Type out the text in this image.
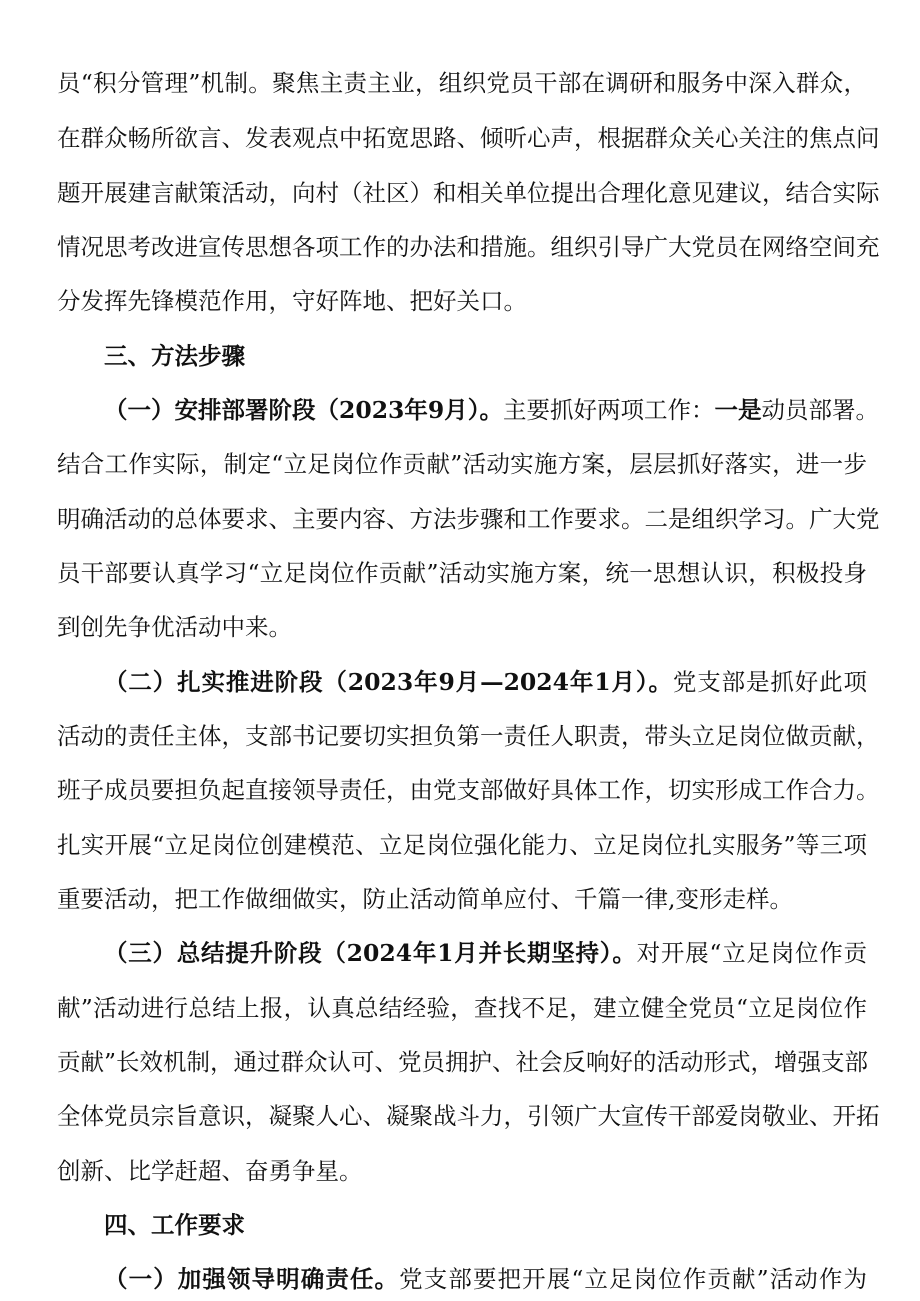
员“积分管理”机制。聚焦主责主业，组织党员干部在调研和服务中深入群众，
在群众畅所欲言、发表观点中拓宽思路、倾听心声，根据群众关心关注的焦点问
题开展建言献策活动，向村（社区）和相关单位提出合理化意见建议，结合实际
情况思考改进宣传思想各项工作的办法和措施。组织引导广大党员在网络空间充
分发挥先锋模范作用，守好阵地、把好关口。
三、方法步骤
（一）安排部署阶段（2023年9月）。主要抓好两项工作：一是动员部署。
结合工作实际，制定“立足岗位作贡献”活动实施方案，层层抓好落实，进一步
明确活动的总体要求、主要内容、方法步骤和工作要求。二是组织学习。广大党
员干部要认真学习“立足岗位作贡献”活动实施方案，统一思想认识，积极投身
到创先争优活动中来。
（二）扎实推进阶段（2023年9月—2024年1月）。党支部是抓好此项
活动的责任主体，支部书记要切实担负第一责任人职责，带头立足岗位做贡献，
班子成员要担负起直接领导责任，由党支部做好具体工作，切实形成工作合力。
扎实开展“立足岗位创建模范、立足岗位强化能力、立足岗位扎实服务”等三项
重要活动，把工作做细做实，防止活动简单应付、千篇一律,变形走样。
（三）总结提升阶段（2024年1月并长期坚持）。对开展“立足岗位作贡
献”活动进行总结上报，认真总结经验，查找不足，建立健全党员“立足岗位作
贡献”长效机制，通过群众认可、党员拥护、社会反响好的活动形式，增强支部
全体党员宗旨意识，凝聚人心、凝聚战斗力，引领广大宣传干部爱岗敬业、开拓
创新、比学赶超、奋勇争星。
四、工作要求
（一）加强领导明确责任。党支部要把开展“立足岗位作贡献”活动作为
